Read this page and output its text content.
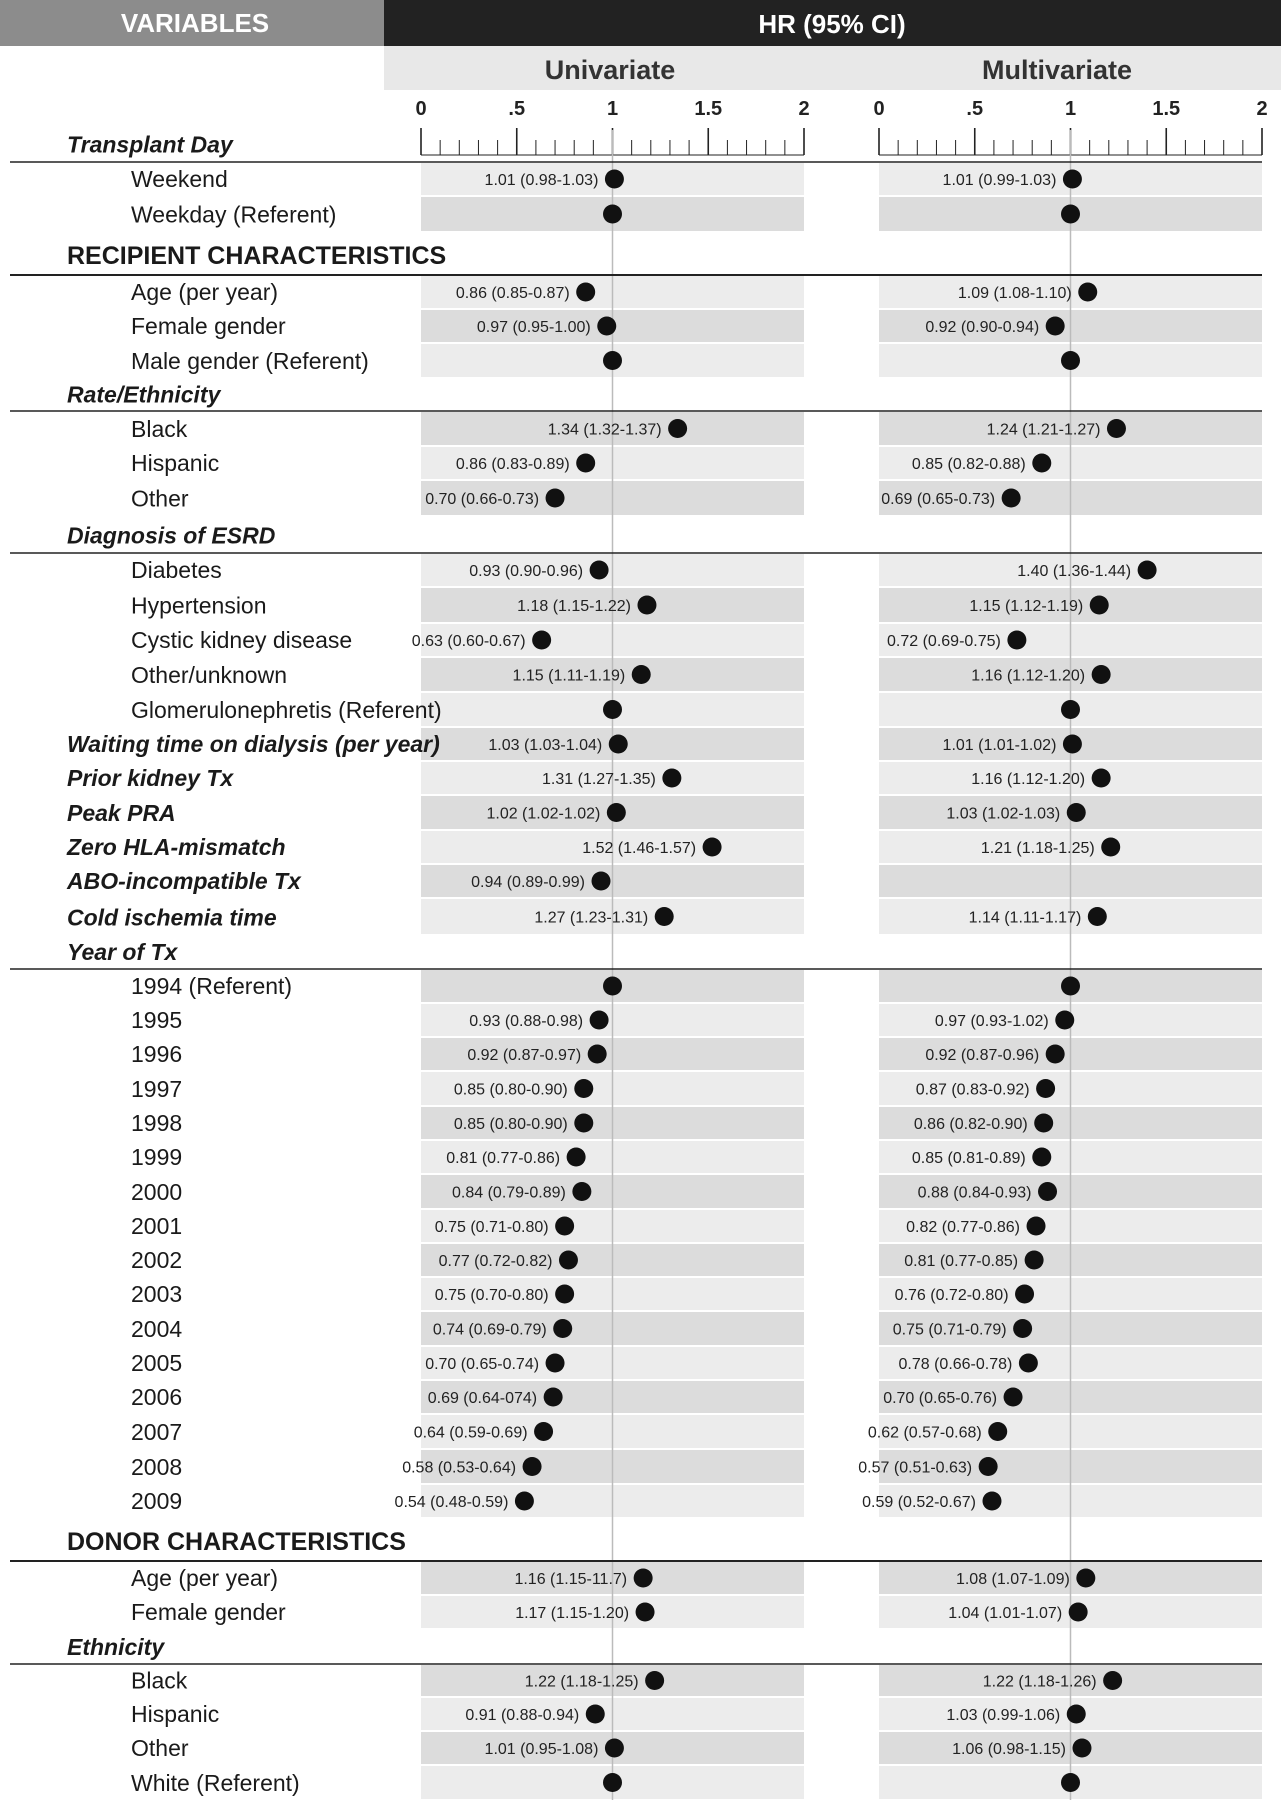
VARIABLES	HR (95% CI)
Univariate	Multivariate
0	.5	1	1.5	2	0	.5	1	1.5	2
Transplant Day
Weekend	1.01 (0.98-1.03)	1.01 (0.99-1.03)
Weekday (Referent)
RECIPIENT CHARACTERISTICS
Age (per year)	0.86 (0.85-0.87)	1.09 (1.08-1.10)
Female gender	0.97 (0.95-1.00)	0.92 (0.90-0.94)
Male gender (Referent)
Rate/Ethnicity
Black	1.34 (1.32-1.37)	1.24 (1.21-1.27)
Hispanic	0.86 (0.83-0.89)	0.85 (0.82-0.88)
Other	0.70 (0.66-0.73)	0.69 (0.65-0.73)
Diagnosis of ESRD
Diabetes	0.93 (0.90-0.96)	1.40 (1.36-1.44)
Hypertension	1.18 (1.15-1.22)	1.15 (1.12-1.19)
Cystic kidney disease	0.63 (0.60-0.67)	0.72 (0.69-0.75)
Other/unknown	1.15 (1.11-1.19)	1.16 (1.12-1.20)
Glomerulonephretis (Referent)
Waiting time on dialysis (per year)	1.03 (1.03-1.04)	1.01 (1.01-1.02)
Prior kidney Tx	1.31 (1.27-1.35)	1.16 (1.12-1.20)
Peak PRA	1.02 (1.02-1.02)	1.03 (1.02-1.03)
Zero HLA-mismatch	1.52 (1.46-1.57)	1.21 (1.18-1.25)
ABO-incompatible Tx	0.94 (0.89-0.99)
Cold ischemia time	1.27 (1.23-1.31)	1.14 (1.11-1.17)
Year of Tx
1994 (Referent)
1995	0.93 (0.88-0.98)	0.97 (0.93-1.02)
1996	0.92 (0.87-0.97)	0.92 (0.87-0.96)
1997	0.85 (0.80-0.90)	0.87 (0.83-0.92)
1998	0.85 (0.80-0.90)	0.86 (0.82-0.90)
1999	0.81 (0.77-0.86)	0.85 (0.81-0.89)
2000	0.84 (0.79-0.89)	0.88 (0.84-0.93)
2001	0.75 (0.71-0.80)	0.82 (0.77-0.86)
2002	0.77 (0.72-0.82)	0.81 (0.77-0.85)
2003	0.75 (0.70-0.80)	0.76 (0.72-0.80)
2004	0.74 (0.69-0.79)	0.75 (0.71-0.79)
2005	0.70 (0.65-0.74)	0.78 (0.66-0.78)
2006	0.69 (0.64-074)	0.70 (0.65-0.76)
2007	0.64 (0.59-0.69)	0.62 (0.57-0.68)
2008	0.58 (0.53-0.64)	0.57 (0.51-0.63)
2009	0.54 (0.48-0.59)	0.59 (0.52-0.67)
DONOR CHARACTERISTICS
Age (per year)	1.16 (1.15-11.7)	1.08 (1.07-1.09)
Female gender	1.17 (1.15-1.20)	1.04 (1.01-1.07)
Ethnicity
Black	1.22 (1.18-1.25)	1.22 (1.18-1.26)
Hispanic	0.91 (0.88-0.94)	1.03 (0.99-1.06)
Other	1.01 (0.95-1.08)	1.06 (0.98-1.15)
White (Referent)
